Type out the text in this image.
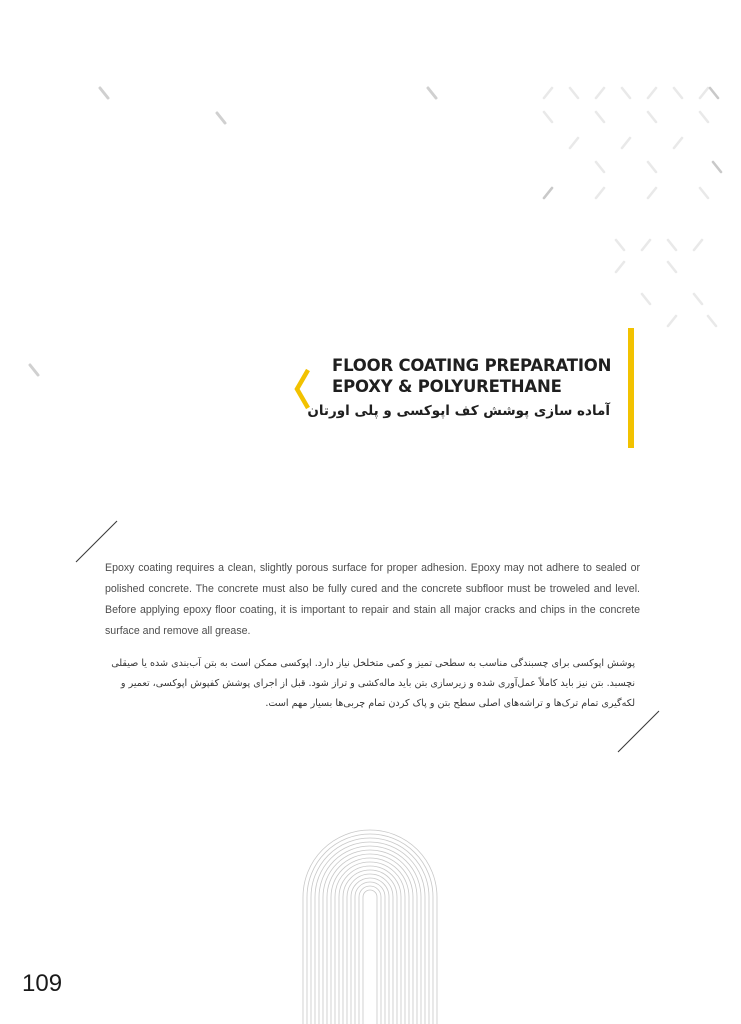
FLOOR COATING PREPARATION
EPOXY & POLYURETHANE
آماده سازی پوشش کف اپوکسی و پلی اورتان

Epoxy coating requires a clean, slightly porous surface for proper adhesion. Epoxy may not adhere to sealed or polished concrete. The concrete must also be fully cured and the concrete subfloor must be troweled and level. Before applying epoxy floor coating, it is important to repair and stain all major cracks and chips in the concrete surface and remove all grease.

پوشش اپوکسی برای چسبندگی مناسب به سطحی تمیز و کمی متخلخل نیاز دارد. اپوکسی ممکن است به بتن آب‌بندی شده یا صیقلی نچسبد. بتن نیز باید کاملاً عمل‌آوری شده و زیرسازی بتن باید ماله‌کشی و تراز شود. قبل از اجرای پوشش کفپوش اپوکسی، تعمیر و لکه‌گیری تمام ترک‌ها و تراشه‌های اصلی سطح بتن و پاک کردن تمام چربی‌ها بسیار مهم است.

109
